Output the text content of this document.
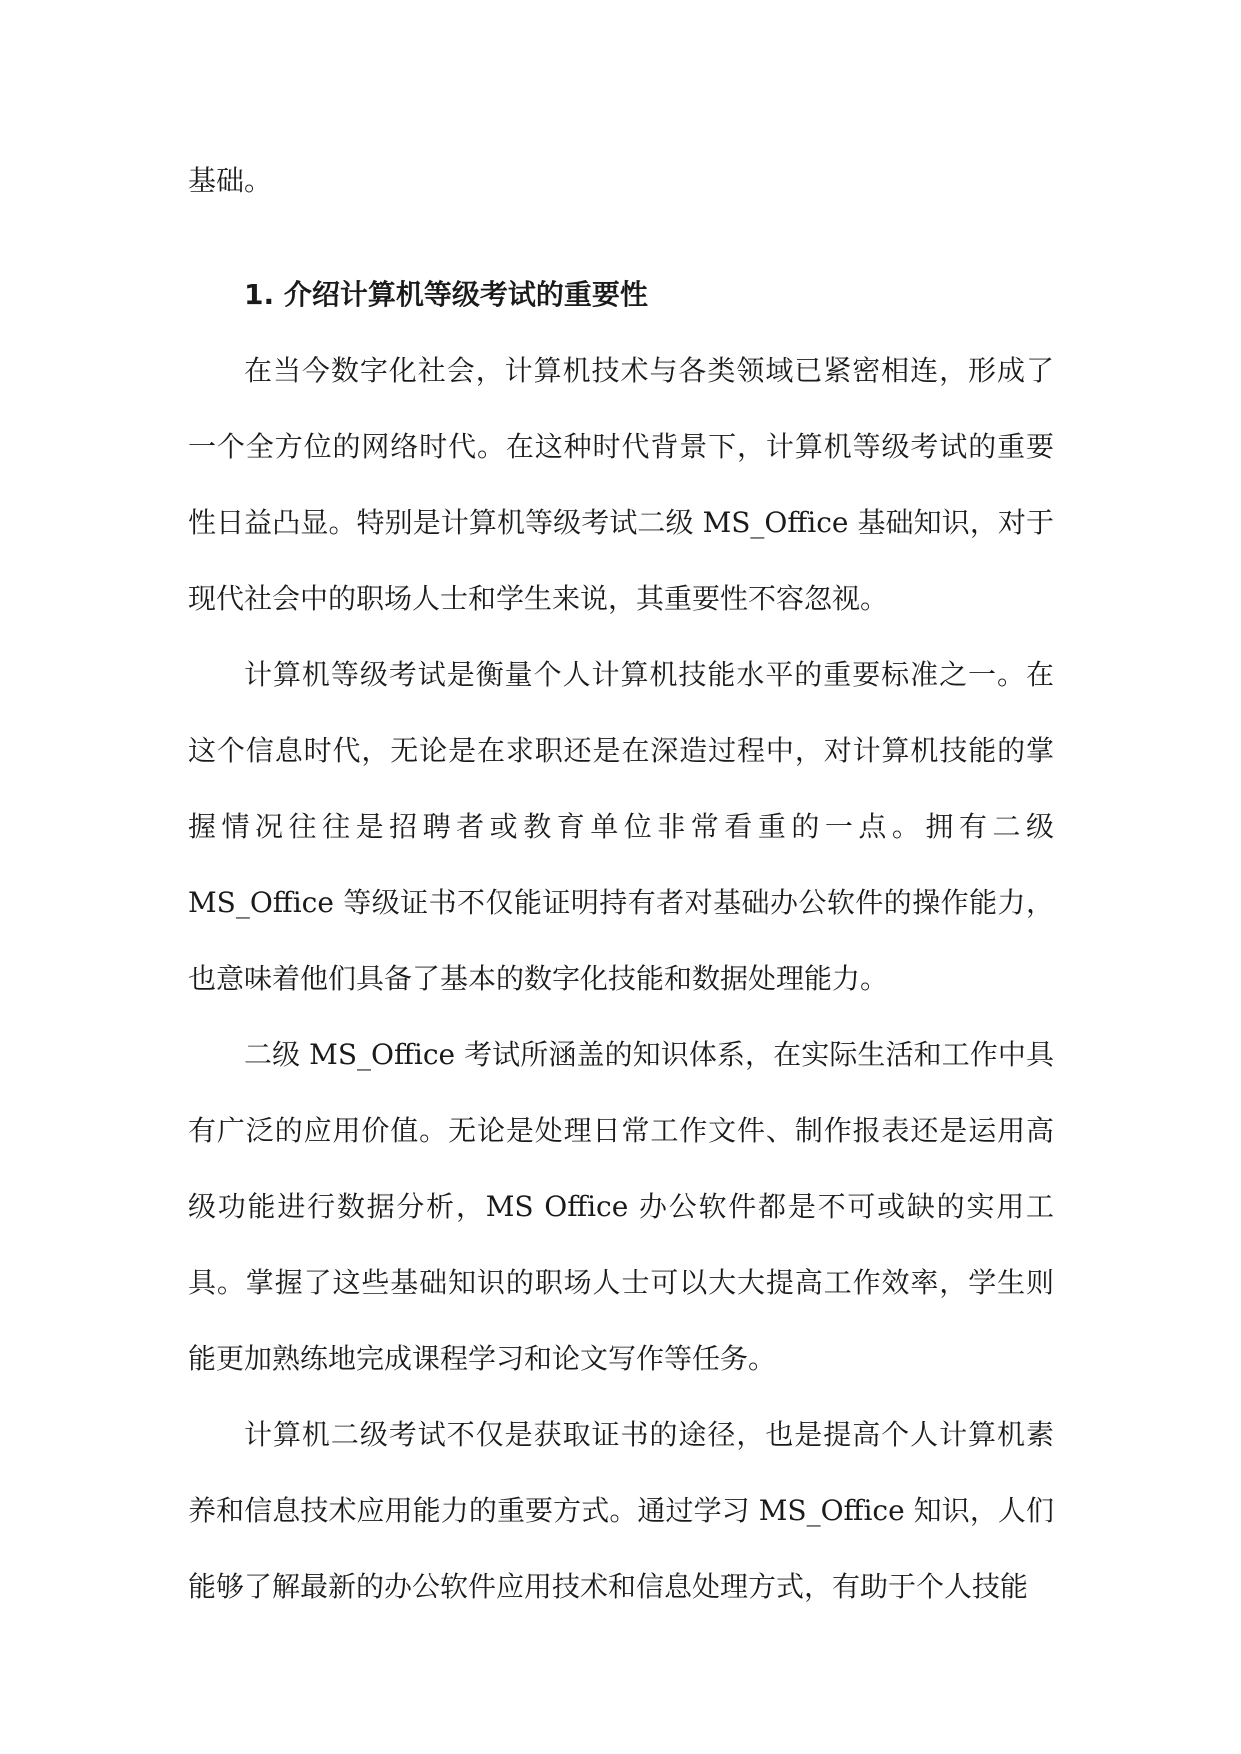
基础。

1. 介绍计算机等级考试的重要性

在当今数字化社会，计算机技术与各类领域已紧密相连，形成了一个全方位的网络时代。在这种时代背景下，计算机等级考试的重要性日益凸显。特别是计算机等级考试二级 MS_Office 基础知识，对于现代社会中的职场人士和学生来说，其重要性不容忽视。

计算机等级考试是衡量个人计算机技能水平的重要标准之一。在这个信息时代，无论是在求职还是在深造过程中，对计算机技能的掌握情况往往是招聘者或教育单位非常看重的一点。拥有二级 MS_Office 等级证书不仅能证明持有者对基础办公软件的操作能力，也意味着他们具备了基本的数字化技能和数据处理能力。

二级 MS_Office 考试所涵盖的知识体系，在实际生活和工作中具有广泛的应用价值。无论是处理日常工作文件、制作报表还是运用高级功能进行数据分析，MS Office 办公软件都是不可或缺的实用工具。掌握了这些基础知识的职场人士可以大大提高工作效率，学生则能更加熟练地完成课程学习和论文写作等任务。

计算机二级考试不仅是获取证书的途径，也是提高个人计算机素养和信息技术应用能力的重要方式。通过学习 MS_Office 知识，人们能够了解最新的办公软件应用技术和信息处理方式，有助于个人技能
